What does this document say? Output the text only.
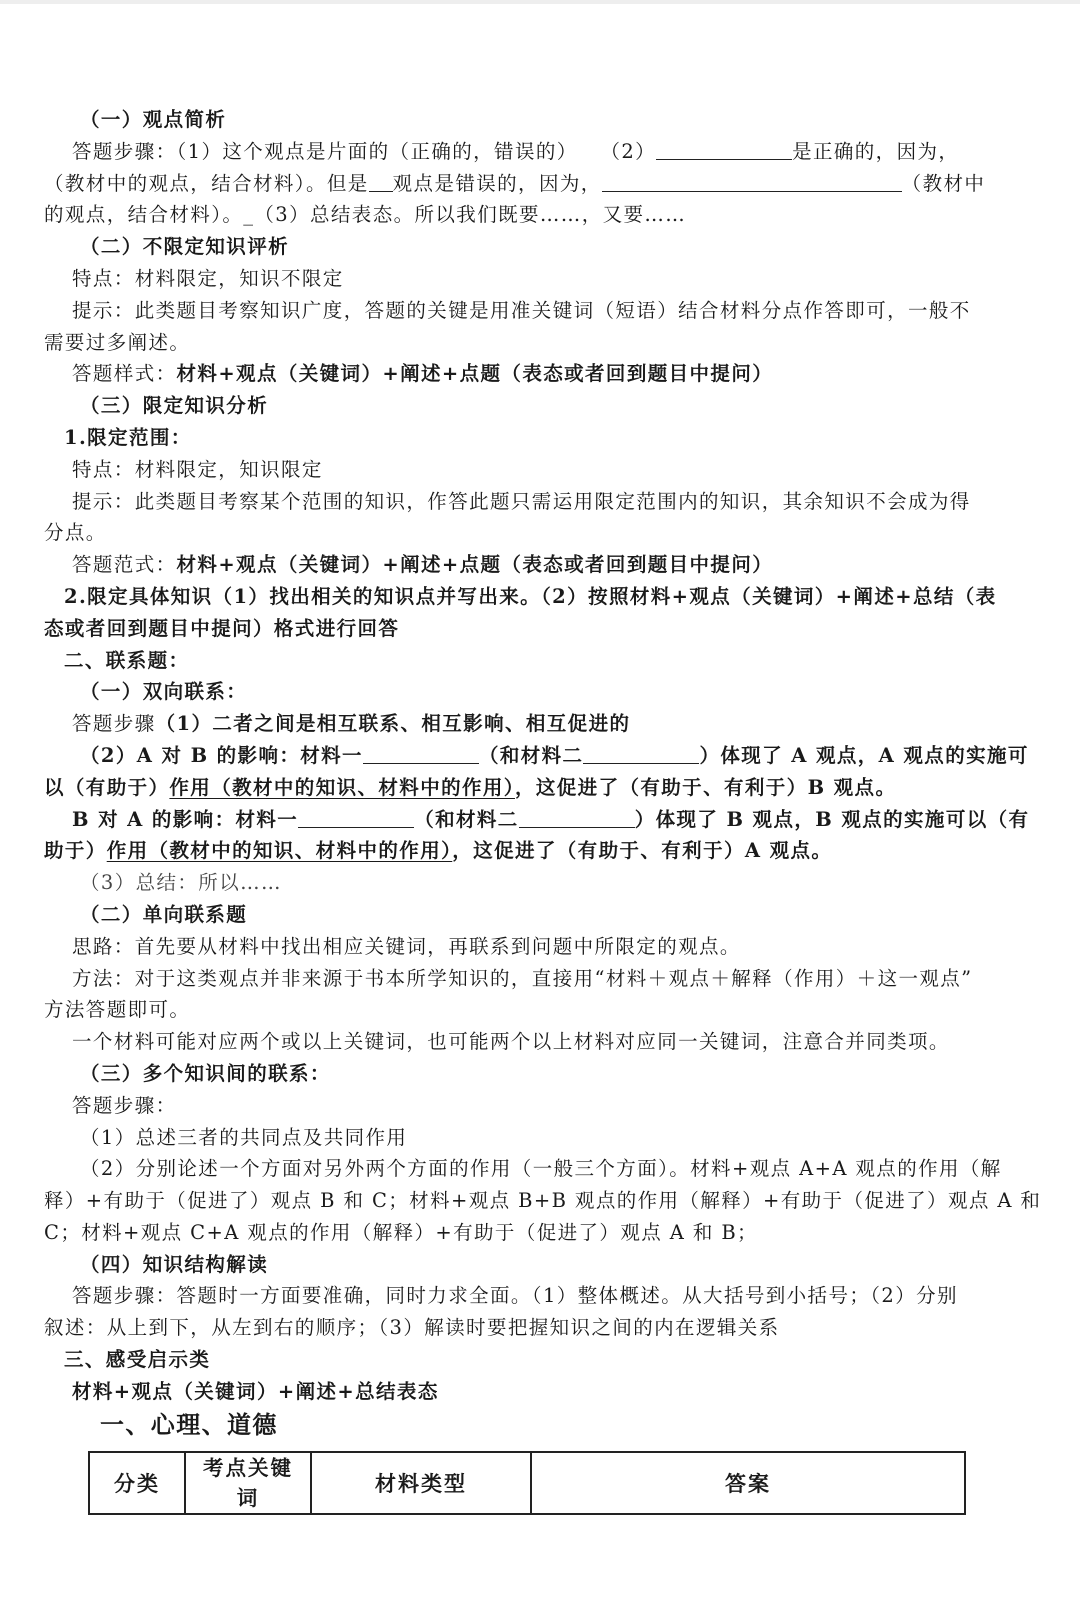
（一）观点简析
答题步骤：（1）这个观点是片面的（正确的，错误的） （2）	是正确的，因为，
（教材中的观点，结合材料）。但是 观点是错误的，因为，	（教材中
的观点，结合材料）。_（3）总结表态。所以我们既要……，又要……
（二）不限定知识评析
特点：材料限定，知识不限定
提示：此类题目考察知识广度，答题的关键是用准关键词（短语）结合材料分点作答即可，一般不
需要过多阐述。
答题样式：材料+观点（关键词）+阐述+点题（表态或者回到题目中提问）
（三）限定知识分析
1.限定范围：
特点：材料限定，知识限定
提示：此类题目考察某个范围的知识，作答此题只需运用限定范围内的知识，其余知识不会成为得
分点。
答题范式：材料+观点（关键词）+阐述+点题（表态或者回到题目中提问）
2.限定具体知识（1）找出相关的知识点并写出来。（2）按照材料+观点（关键词）+阐述+总结（表
态或者回到题目中提问）格式进行回答
二、联系题：
（一）双向联系：
答题步骤（1）二者之间是相互联系、相互影响、相互促进的
（2）A 对 B 的影响：材料一	（和材料二	）体现了 A 观点，A 观点的实施可
以（有助于）作用（教材中的知识、材料中的作用），这促进了（有助于、有利于）B 观点。
B 对 A 的影响：材料一	（和材料二	）体现了 B 观点，B 观点的实施可以（有
助于）作用（教材中的知识、材料中的作用），这促进了（有助于、有利于）A 观点。
（3）总结：所以……
（二）单向联系题
思路：首先要从材料中找出相应关键词，再联系到问题中所限定的观点。
方法：对于这类观点并非来源于书本所学知识的，直接用“材料＋观点＋解释（作用）＋这一观点”
方法答题即可。
一个材料可能对应两个或以上关键词，也可能两个以上材料对应同一关键词，注意合并同类项。
（三）多个知识间的联系：
答题步骤：
（1）总述三者的共同点及共同作用
（2）分别论述一个方面对另外两个方面的作用（一般三个方面）。材料+观点 A+A 观点的作用（解
释）+有助于（促进了）观点 B 和 C；材料+观点 B+B 观点的作用（解释）+有助于（促进了）观点 A 和
C；材料+观点 C+A 观点的作用（解释）+有助于（促进了）观点 A 和 B；
（四）知识结构解读
答题步骤：答题时一方面要准确，同时力求全面。（1）整体概述。从大括号到小括号；（2）分别
叙述：从上到下，从左到右的顺序；（3）解读时要把握知识之间的内在逻辑关系
三、感受启示类
材料+观点（关键词）+阐述+总结表态
一、心理、道德
分类	考点关键
词	材料类型	答案
